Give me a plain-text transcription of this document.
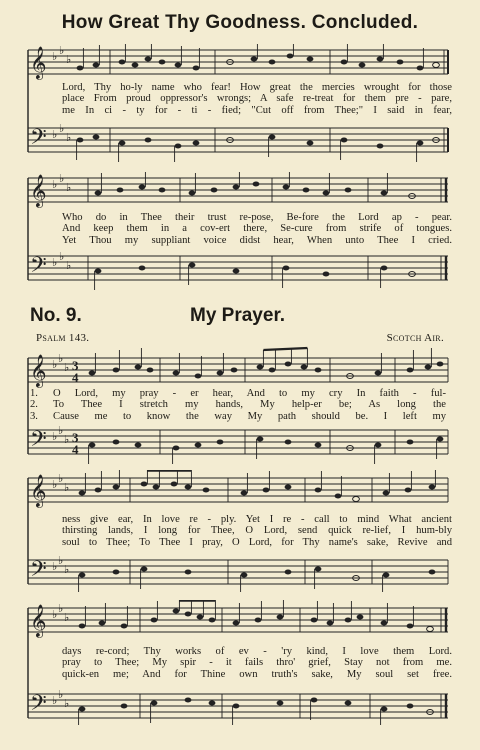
How Great Thy Goodness. Concluded.
𝄞
𝄢
♭ ♭
♭
♭ ♭
♭
Lord, Thy ho-ly name who fear! How great the mercies wrought for those
place From proud oppressor's wrongs; A safe re-treat for them pre - pare,
me In ci - ty for - ti - fied; "Cut off from Thee;" I said in fear,
𝄞
𝄢
♭ ♭
♭
♭ ♭
♭
Who do in Thee their trust re-pose, Be-fore the Lord ap - pear.
And keep them in a cov-ert there, Se-cure from strife of tongues.
Yet Thou my suppliant voice didst hear, When unto Thee I cried.
No. 9.	My Prayer.
Psalm 143.	Scotch Air.
𝄞
𝄢
♭ ♭
♭
♭ ♭
♭
3
4
3
4
1. O Lord, my pray - er hear, And to my cry In faith - ful-
2. To Thee I stretch my hands, My help-er be; As long the
3. Cause me to know the way My path should be. I left my
𝄞
𝄢
♭ ♭
♭
♭ ♭
♭
ness give ear, In love re - ply. Yet I re - call to mind What ancient
thirsting lands, I long for Thee, O Lord, send quick re-lief, I hum-bly
soul to Thee; To Thee I pray, O Lord, for Thy name's sake, Revive and
𝄞
𝄢
♭ ♭
♭
♭ ♭
♭
days re-cord; Thy works of ev - 'ry kind, I love them Lord.
pray to Thee; My spir - it fails thro' grief, Stay not from me.
quick-en me; And for Thine own truth's sake, My soul set free.
